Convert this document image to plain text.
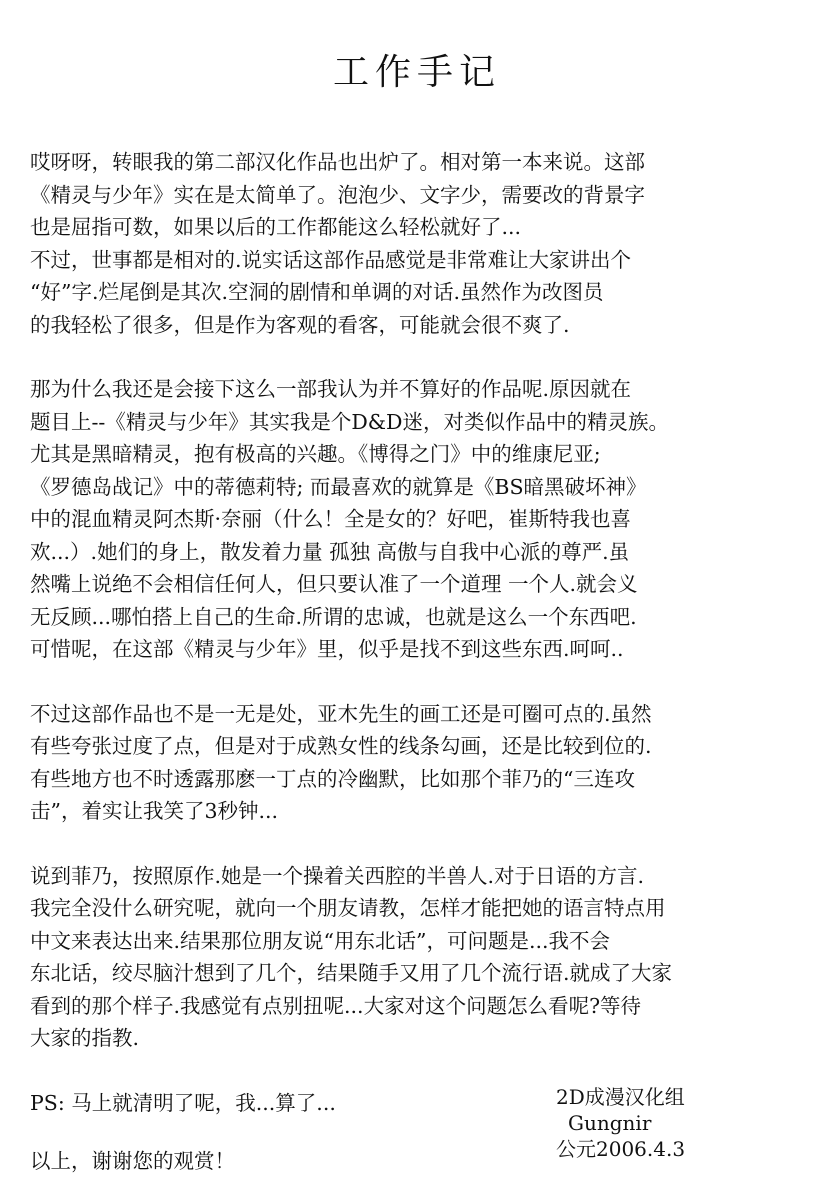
工作手记
哎呀呀，转眼我的第二部汉化作品也出炉了。相对第一本来说。这部
《精灵与少年》实在是太简单了。泡泡少、文字少，需要改的背景字
也是屈指可数，如果以后的工作都能这么轻松就好了...
不过，世事都是相对的.说实话这部作品感觉是非常难让大家讲出个
“好”字.烂尾倒是其次.空洞的剧情和单调的对话.虽然作为改图员
的我轻松了很多，但是作为客观的看客，可能就会很不爽了.
那为什么我还是会接下这么一部我认为并不算好的作品呢.原因就在
题目上--《精灵与少年》其实我是个D&D迷，对类似作品中的精灵族。
尤其是黑暗精灵，抱有极高的兴趣。《博得之门》中的维康尼亚;
《罗德岛战记》中的蒂德莉特; 而最喜欢的就算是《BS暗黑破坏神》
中的混血精灵阿杰斯·奈丽（什么！全是女的？好吧，崔斯特我也喜
欢...）.她们的身上，散发着力量 孤独 高傲与自我中心派的尊严.虽
然嘴上说绝不会相信任何人，但只要认准了一个道理 一个人.就会义
无反顾...哪怕搭上自己的生命.所谓的忠诚，也就是这么一个东西吧.
可惜呢，在这部《精灵与少年》里，似乎是找不到这些东西.呵呵..
不过这部作品也不是一无是处，亚木先生的画工还是可圈可点的.虽然
有些夸张过度了点，但是对于成熟女性的线条勾画，还是比较到位的.
有些地方也不时透露那麽一丁点的冷幽默，比如那个菲乃的“三连攻
击”，着实让我笑了3秒钟...
说到菲乃，按照原作.她是一个操着关西腔的半兽人.对于日语的方言.
我完全没什么研究呢，就向一个朋友请教，怎样才能把她的语言特点用
中文来表达出来.结果那位朋友说“用东北话”，可问题是...我不会
东北话，绞尽脑汁想到了几个，结果随手又用了几个流行语.就成了大家
看到的那个样子.我感觉有点别扭呢...大家对这个问题怎么看呢?等待
大家的指教.

PS: 马上就清明了呢，我...算了...

以上，谢谢您的观赏！

2D成漫汉化组
Gungnir
公元2006.4.3
